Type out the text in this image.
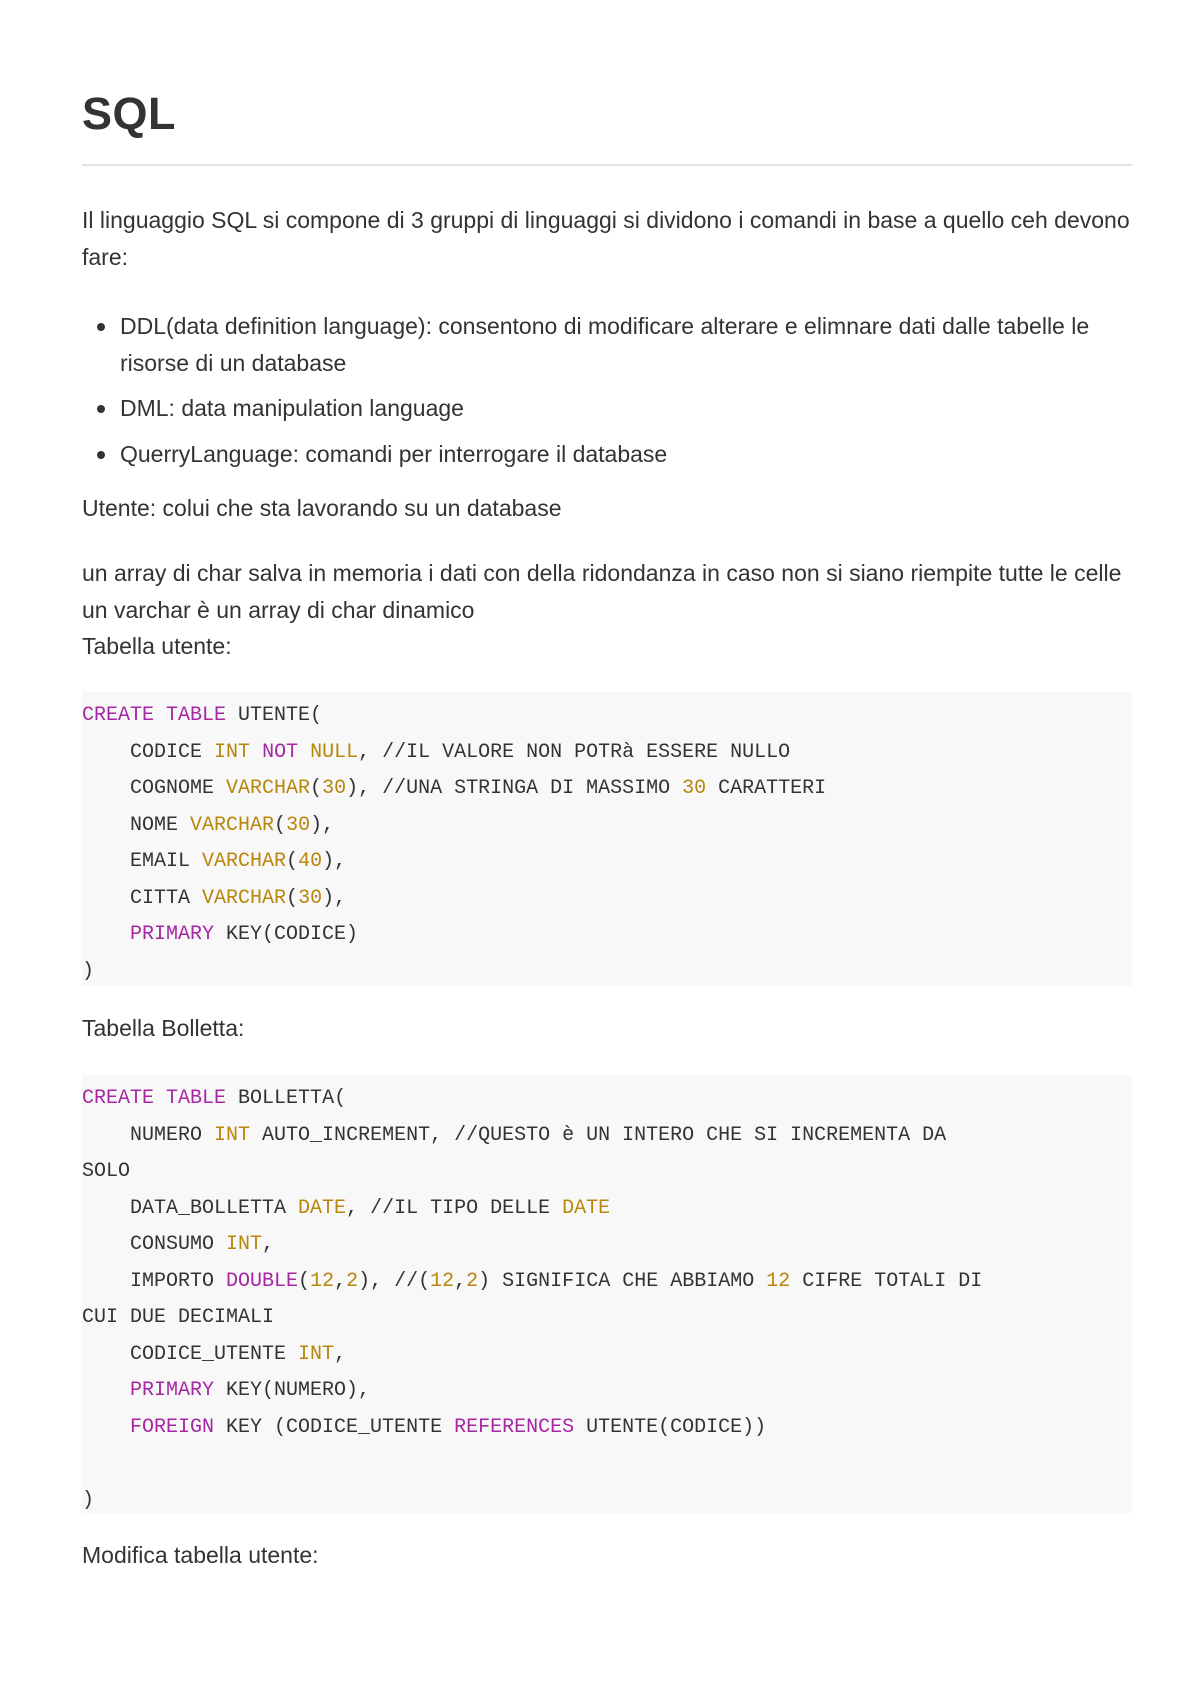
SQL
Il linguaggio SQL si compone di 3 gruppi di linguaggi si dividono i comandi in base a quello ceh devono fare:
DDL(data definition language): consentono di modificare alterare e elimnare dati dalle tabelle le risorse di un database
DML: data manipulation language
QuerryLanguage: comandi per interrogare il database
Utente: colui che sta lavorando su un database
un array di char salva in memoria i dati con della ridondanza in caso non si siano riempite tutte le celle
un varchar è un array di char dinamico
Tabella utente:
CREATE TABLE UTENTE(
CODICE INT NOT NULL, //IL VALORE NON POTRà ESSERE NULLO
COGNOME VARCHAR(30), //UNA STRINGA DI MASSIMO 30 CARATTERI
NOME VARCHAR(30),
EMAIL VARCHAR(40),
CITTA VARCHAR(30),
PRIMARY KEY(CODICE)
)
Tabella Bolletta:
CREATE TABLE BOLLETTA(
NUMERO INT AUTO_INCREMENT, //QUESTO è UN INTERO CHE SI INCREMENTA DA
SOLO
DATA_BOLLETTA DATE, //IL TIPO DELLE DATE
CONSUMO INT,
IMPORTO DOUBLE(12,2), //(12,2) SIGNIFICA CHE ABBIAMO 12 CIFRE TOTALI DI
CUI DUE DECIMALI
CODICE_UTENTE INT,
PRIMARY KEY(NUMERO),
FOREIGN KEY (CODICE_UTENTE REFERENCES UTENTE(CODICE))
)
Modifica tabella utente:
